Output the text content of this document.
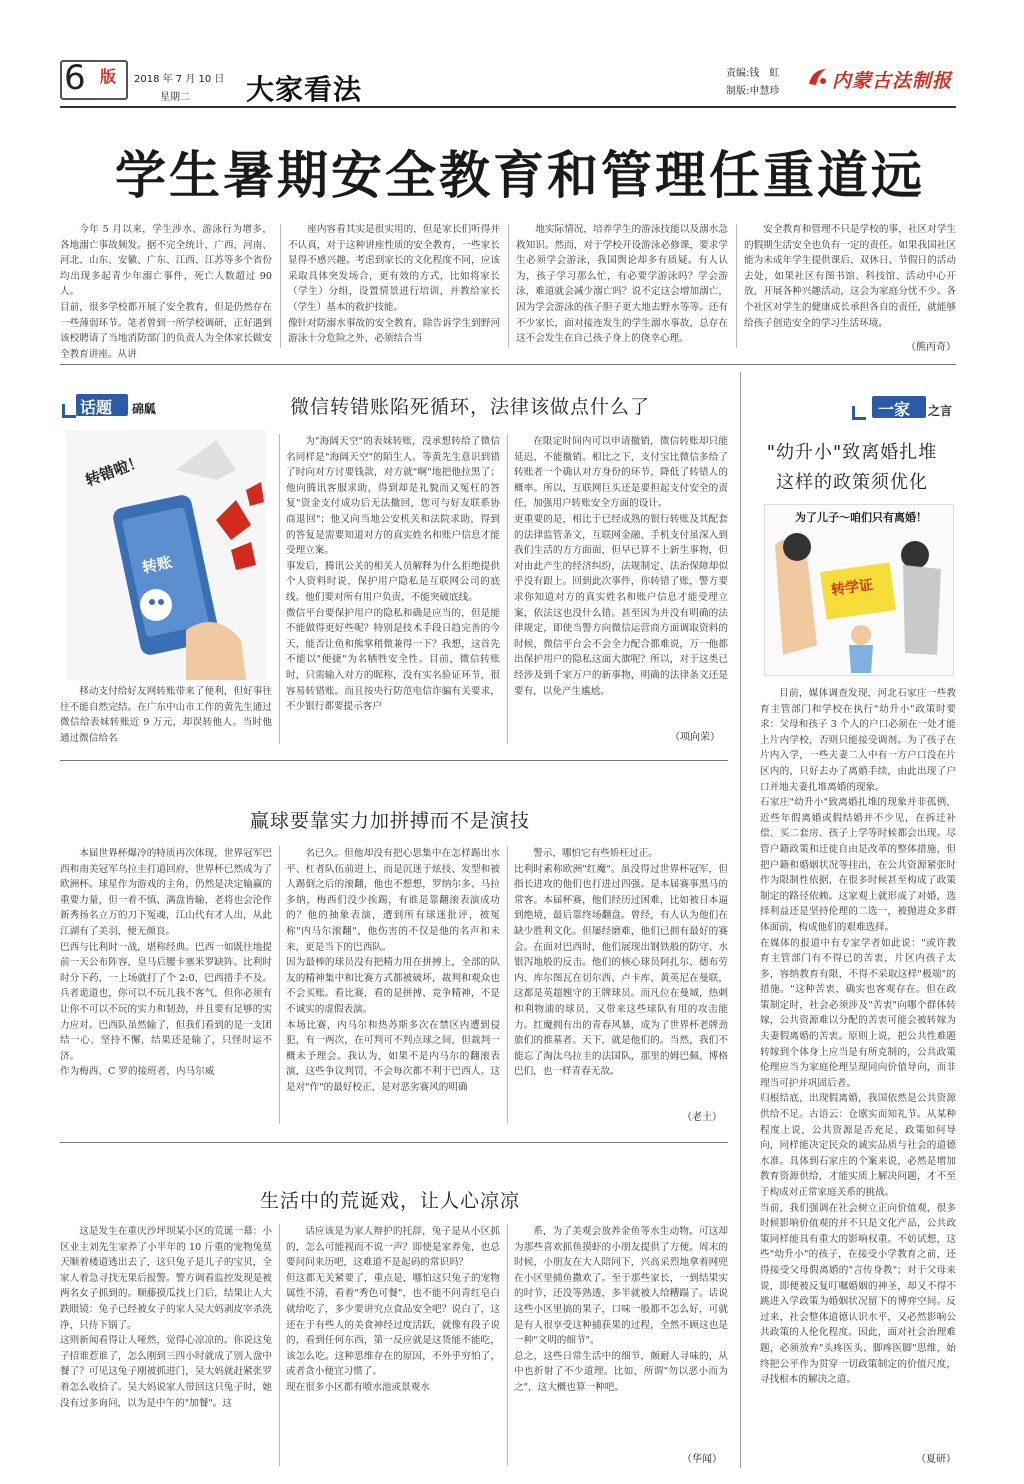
6 版	2018 年 7 月 10 日
星期二 大家看法	责编:钱　虹
制版:申慧珍	内蒙古法制报
学生暑期安全教育和管理任重道远
今年 5 月以来，学生涉水、游泳行为增多，各地溺亡事故频发。据不完全统计，广西、河南、河北、山东、安徽、广东、江西、江苏等多个省份均出现多起青少年溺亡事件，死亡人数超过 90 人。
目前，很多学校都开展了安全教育，但是仍然存在一些薄弱环节。笔者曾到一所学校调研，正好遇到该校聘请了当地消防部门的负责人为全体家长做安全教育讲座。从讲
座内容看其实是很实用的，但是家长们听得并不认真，对于这种讲座性质的安全教育，一些家长显得不感兴趣。考虑到家长的文化程度不同，应该采取具体突发场合，更有效的方式，比如将家长（学生）分组，设置情景进行培训，并教给家长（学生）基本的救护技能。
像针对防溺水事故的安全教育，除告诉学生到野河游泳十分危险之外，必须结合当
地实际情况，培养学生的游泳技能以及溺水急救知识。然而，对于学校开设游泳必修课，要求学生必须学会游泳，我国舆论却多有质疑。有人认为，孩子学习那么忙，有必要学游泳吗？学会游泳，难道就会减少溺亡吗？说不定这会增加溺亡，因为学会游泳的孩子胆子更大地去野水等等。还有不少家长，面对接连发生的学生溺水事故，总存在这不会发生在自己孩子身上的侥幸心理。
安全教育和管理不只是学校的事，社区对学生的假期生活安全也负有一定的责任。如果我国社区能为未成年学生提供课后、双休日、节假日的活动去处，如果社区有图书馆、科技馆、活动中心开放，开展各种兴趣活动，这会为家庭分忧不少。各个社区对学生的健康成长承担各自的责任，就能够给孩子创造安全的学习生活环境。
（熊丙奇）
话题 䃇㼌	微信转错账陷死循环，法律该做点什么了
转错啦！
转账
移动支付给好友网转账带来了便利，但好事往往不能自然完结。在广东中山市工作的黄先生通过微信给表妹转账近 9 万元，却误转他人。当时他通过微信给名
为"海阔天空"的表妹转账，没承想转给了微信名同样是"海阔天空"的陌生人。等黄先生意识到错了时向对方讨要钱款，对方就"啊"地把他拉黑了；他向腾讯客服求助，得到却是礼貌而又冤枉的答复"资金支付成功后无法撤回，您可与好友联系协商退回"；他又向当地公安机关和法院求助，得到的答复是需要知道对方的真实姓名和账户信息才能受理立案。
事发后，腾讯公关的相关人员解释为什么拒绝提供个人资料时说，保护用户隐私是互联网公司的底线。他们要对所有用户负责，不能突破底线。
微信平台要保护用户的隐私和确是应当的，但是能不能做得更好些呢？特别是技术手段日趋完善的今天，能否让鱼和熊掌稍微兼得一下？我想，这首先不能以"便捷"为名牺牲安全性。目前，微信转账时，只需输入对方的昵称，没有实名验证环节，很容易转错账。而且按央行防范电信诈骗有关要求，不少银行都要提示客户
在限定时间内可以申请撤销，微信转账却只能延迟，不能撤销。相比之下，支付宝比微信多给了转账者一个确认对方身份的环节，降低了转错人的概率。所以，互联网巨头还是要担起支付安全的责任，加强用户转账安全方面的设计。
更重要的是，相比于已经成熟的银行转账及其配套的法律监管条文，互联网金融、手机支付虽深入到我们生活的方方面面，但早已算不上新生事物，但对由此产生的经济纠纷，法规制定、法治保障却似乎没有跟上。回到此次事件，你转错了账，警方要求你知道对方的真实姓名和账户信息才能受理立案，依法这也没什么错。甚至因为并没有明确的法律规定，即使当警方向微信运营商方面调取资料的时候，微信平台会不会全力配合都难说，万一他都出保护用户的隐私这面大旗呢？所以，对于这类已经涉及到千家万户的新事物，明确的法律条文还是要有，以免产生尴尬。
（项向荣）
赢球要靠实力加拼搏而不是演技
本届世界杯爆冷的特质再次体现，世界冠军巴西和南美冠军乌拉圭打道回府，世界杯已然成为了欧洲杯。球星作为游戏的主角，仍然是决定输赢的重要力量，但一着不慎、满盘皆输，老将也会沦作新秀扬名立万的刀下冤魂，江山代有才人出，从此江湖有了美羽，便无颜良。
巴西与比利时一战，堪称经典。巴西一如既往地提前一天公布阵容，皇马后腰卡塞米罗缺阵。比利时时分下药，一上场就打了个 2:0，巴西措手不及。兵者诡道也，你可以不玩儿我不客气，但你必须有让你不可以不玩的实力和韧劲，并且要有足够的实力应对。巴西队虽然输了，但我们看到的是一支团结一心、坚持不懈，结果还是输了，只怪时运不济。
作为梅西、C 罗的接班者，内马尔威
名已久。但他却没有把心思集中在怎样踢出水平、杠者队伍前进上，而是沉迷于炫技、发型和被人踢倒之后的滚翻，他也不想想，罗纳尔多、马拉多纳，梅西们没少挨踢，有谁是靠翻滚表演成功的？他的抽象表演，遭到所有球迷批评，被冤称"内马尔滚翻"，他伤害的不仅是他的名声和未来，更是当下的巴西队。
因为最棒的球员没有把精力用在拼搏上，全部的队友的精神集中和比赛方式都被破坏，裁判和观众也不会买账。看比赛，看的是拼搏、竞争精神，不是不诚实的虚假表演。
本场比赛，内马尔和热苏斯多次在禁区内遭到侵犯，有一两次，在可判可不判点球之间，但裁判一概未予理会。我认为，如果不是内马尔的翻滚表演，这些争议判罚，不会每次都不利于巴西人。这是对"作"的最好校正，是对恶劣赛风的明确
警示，哪怕它有些矫枉过正。
比利时素称欧洲"红魔"。虽没得过世界杯冠军，但指长进攻的他们也打进过四强。是本届赛事黑马的常客。本届杯赛，他们经历过困难，比如被日本逼到绝境，最后靠终场翻盘。曾经，有人认为他们在缺少胜利文化。但屡经磨难，他们已拥有最好的赛会。在面对巴西时，他们展现出钢铁般的防守、水银泻地般的反击。他们的核心球员阿扎尔、德布劳内、库尔图瓦在切尔西、卢卡库、黄英尼在曼联，这都是英超翘守的王牌球员。而凡位在曼城，热刺和利物浦的球员，又带来这些球队有用的攻击能力。红魔拥有出的青春风暴，成为了世界杯老牌劲旅们的推墓者。天下，就是他们的。当然，我们不能忘了淘汰乌拉圭的法国队，那里的姆巴佩、博格巴们，也一样青春无敌。
（老土）
生活中的荒诞戏，让人心凉凉
这是发生在重庆沙坪坝某小区的荒诞一幕：小区业主刘先生家养了小半年的 10 斤重的宠物兔莫天顺着楼道逃出去了，这只兔子是儿子的宝贝，全家人着急寻找无果后报警。警方调看监控发现是被两名女子抓到的。顺藤摸瓜找上门后，结果让人大跌眼镜：兔子已经被女子的家人吴大妈剥皮宰杀洗净，只待下锅了。
这则新闻看得让人哑然，觉得心凉凉的。你说这兔子招谁惹谁了，怎么刚到三四小时就成了别人盘中餐了？可见这兔子刚被抓进门，吴大妈就赶紧张罗着怎么收拾了。吴大妈说家人带回这只兔子时，她没有过多询问，以为是中午的"加餐"。这
话应该是为家人辩护的托辞，兔子是从小区抓的，怎么可能视而不说一声？即使是家养兔，也总要问问来历吧，这难道不是起码的常识吗？
但这都无关紧要了，重点是，哪怕这只兔子的宠物属性不清，看着"秀色可餐"，也不能不问青红皂白就给吃了，多少要讲究点食品安全吧？说白了，这还在于有些人的美食神经过度活跃，就像有段子说的，看到任何东西，第一反应就是这货能不能吃，该怎么吃。这种思维存在的原因，不外乎穷怕了，或者贪小便宜习惯了。
现在很多小区都有喷水池或景观水
系，为了美观会放养金鱼等水生动物。可这却为那些喜欢抓鱼摸虾的小朋友提供了方便。周末的时候，小朋友在大人陪同下，兴高采烈地拿着网兜在小区里捕鱼撒欢了。至于那些家长，一到结果实的时节，还没等熟透，多半就被人给糟蹋了。话说这些小区里搞的果子，口味一般都不怎么好，可就是有人很享受这种捕获果的过程，全然不顾这也是一种"文明的细节"。
总之，这些日常生活中的细节，颇耐人寻味的，从中也折射了不少道理。比如，所谓"勿以恶小而为之"，这大概也算一种吧。
（华闻）
一家 之言
"幼升小"致离婚扎堆
这样的政策须优化
为了儿子～咱们只有离婚！
转学证
目前，媒体调查发现，河北石家庄一些教育主管部门和学校在执行"幼升小"政策时要求：父母和孩子 3 个人的户口必须在一处才能上片内学校，否则只能接受调剂。为了孩子在片内入学，一些夫妻二人中有一方户口没在片区内的，只好去办了离婚手续，由此出现了户口并地夫妻扎堆离婚的现象。
石家庄"幼升小"致离婚扎堆的现象并非孤例，近些年假离婚或假结婚并不少见，在拆迁补偿、买二套房、孩子上学等时候都会出现。尽管户籍政策和迁徙自由是改革的整体措施，但把户籍和婚姻状况等挂出，在公共资源紧张时作为限制性依据，在很多时候甚至构成了政策制定的路径依赖。这家观上就形成了对婚，选择利益还是坚持伦理的二选一，被抛进众多群体面前，构成他们的艰难选择。
在媒体的报道中有专家学者如此说："或许教育主管部门有不得已的苦衷，片区内孩子太多，容纳教育有限，不得不采取这样"极端"的措施。"这种苦衷，确实也客观存在。但在政策制定时，社会必须涉及"苦衷"向哪个群体转嫁，公共资源难以分配的苦衷可能会被转嫁为夫妻假离婚的苦衷。原则上说，把公共性难题转嫁到个体身上应当是有所克制的，公共政策伦理应当为家庭伦理呈现同向价值导向，而非理当可护并巩固后者。
归根结底，出现假离婚，我国依然是公共资源供给不足。古语云：仓廪实而知礼节。从某种程度上说，公共资源是否充足，政策如何导向，同样能决定民众的诚实品质与社会的道德水准。具体到石家庄的个案来说，必然是增加教育资源供给，才能实质上解决问题，才不至于构成对正常家庭关系的挑战。
当前，我们强调在社会树立正向价值观，很多时候影响价值观的并不只是文化产品，公共政策同样能具有重大的影响权重。不妨试想，这些"幼升小"的孩子，在接受小学教育之前，还得接受父母假离婚的"言传身教"；对于父母来说，即便被反复叮嘱婚姻的神圣，却又不得不跳进入学政策为婚姻状况留下的博弈空间。反过来，社会整体道德认识水平，又必然影响公共政策的人伦化程度。因此，面对社会治理难题，必须放弃"头疼医头、脚疼医脚"思维，始终把公平作为贯穿一切政策制定的价值尺度，寻找根本的解决之道。
（夏研）
